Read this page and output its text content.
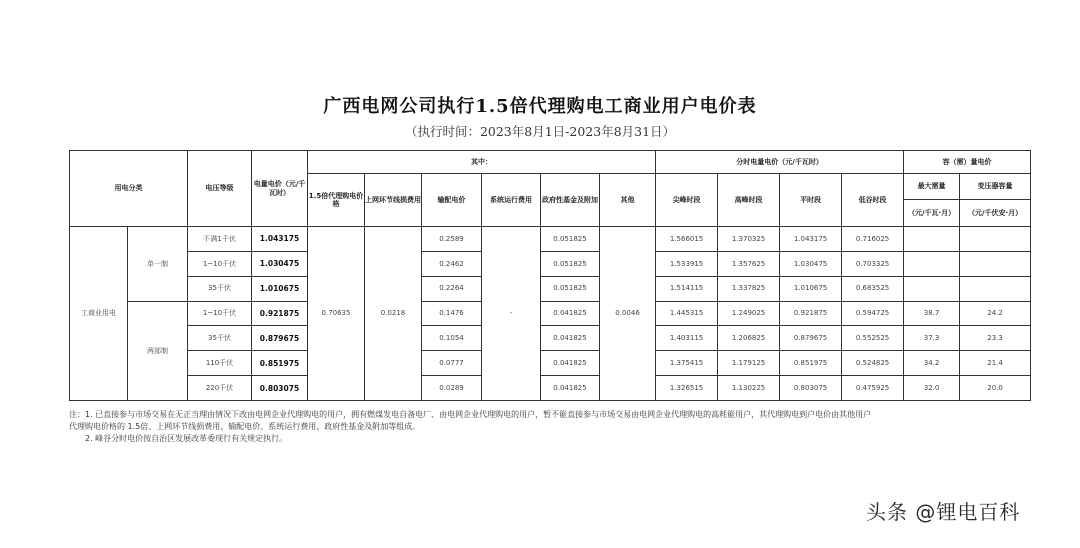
广西电网公司执行1.5倍代理购电工商业用户电价表
（执行时间：2023年8月1日-2023年8月31日）
用电分类		电压等级	电量电价（元/千瓦时）	其中：						分时电量电价（元/千瓦时）				容（需）量电价	
				1.5倍代理购电价格	上网环节线损费用	输配电价	系统运行费用	政府性基金及附加	其他	尖峰时段	高峰时段	平时段	低谷时段	最大需量	变压器容量
														（元/千瓦·月）	（元/千伏安·月）
工商业用电	单一制	不满1千伏	1.043175	0.70635	0.0218	0.2589	-	0.051825	0.0046	1.566015	1.370325	1.043175	0.716025		
		1~10千伏	1.030475			0.2462		0.051825		1.533915	1.357625	1.030475	0.703325		
		35千伏	1.010675			0.2264		0.051825		1.514115	1.337825	1.010675	0.683525		
	两部制	1~10千伏	0.921875			0.1476		0.041825		1.445315	1.249025	0.921875	0.594725	38.7	24.2
		35千伏	0.879675			0.1054		0.041825		1.403115	1.206825	0.879675	0.552525	37.3	23.3
		110千伏	0.851975			0.0777		0.041825		1.375415	1.179125	0.851975	0.524825	34.2	21.4
		220千伏	0.803075			0.0289		0.041825		1.326515	1.130225	0.803075	0.475925	32.0	20.0
注：1. 已直接参与市场交易在无正当理由情况下改由电网企业代理购电的用户，拥有燃煤发电自备电厂、由电网企业代理购电的用户，暂不能直接参与市场交易由电网企业代理购电的高耗能用户，其代理购电到户电价由其他用户
代理购电价格的 1.5倍、上网环节线损费用、输配电价、系统运行费用、政府性基金及附加等组成。
2. 峰谷分时电价按自治区发展改革委现行有关规定执行。
头条 @锂电百科
